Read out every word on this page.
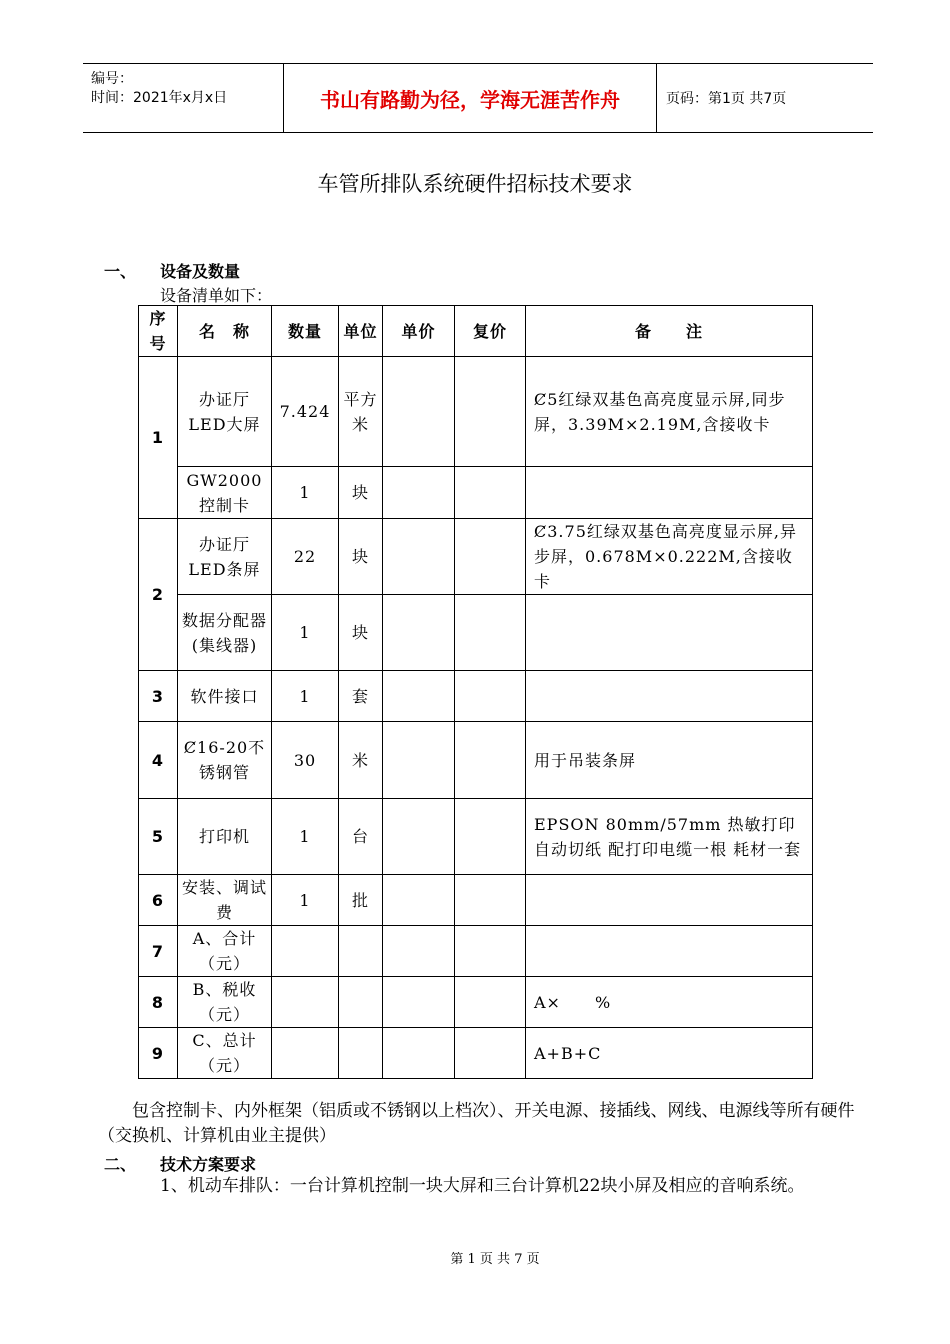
编号：
时间：2021年x月x日	书山有路勤为径，学海无涯苦作舟	页码：第1页 共7页
车管所排队系统硬件招标技术要求
一、 设备及数量
设备清单如下：
序号	名　称	数量	单位	单价	复价	备　　注
1	办证厅LED大屏	7.424	平方米			Ȼ5红绿双基色高亮度显示屏,同步屏，3.39M×2.19M,含接收卡
	GW2000控制卡	1	块			
2	办证厅LED条屏	22	块			Ȼ3.75红绿双基色高亮度显示屏,异步屏，0.678M×0.222M,含接收卡
	数据分配器(集线器)	1	块			
3	软件接口	1	套			
4	Ȼ16-20不锈钢管	30	米			用于吊装条屏
5	打印机	1	台			EPSON 80mm/57mm 热敏打印 自动切纸 配打印电缆一根 耗材一套
6	安装、调试费	1	批			
7	A、合计（元）					
8	B、税收（元）					A×　　%
9	C、总计（元）					A+B+C
包含控制卡、内外框架（铝质或不锈钢以上档次）、开关电源、接插线、网线、电源线等所有硬件（交换机、计算机由业主提供）
二、 技术方案要求
1、机动车排队：一台计算机控制一块大屏和三台计算机22块小屏及相应的音响系统。
第 1 页 共 7 页
